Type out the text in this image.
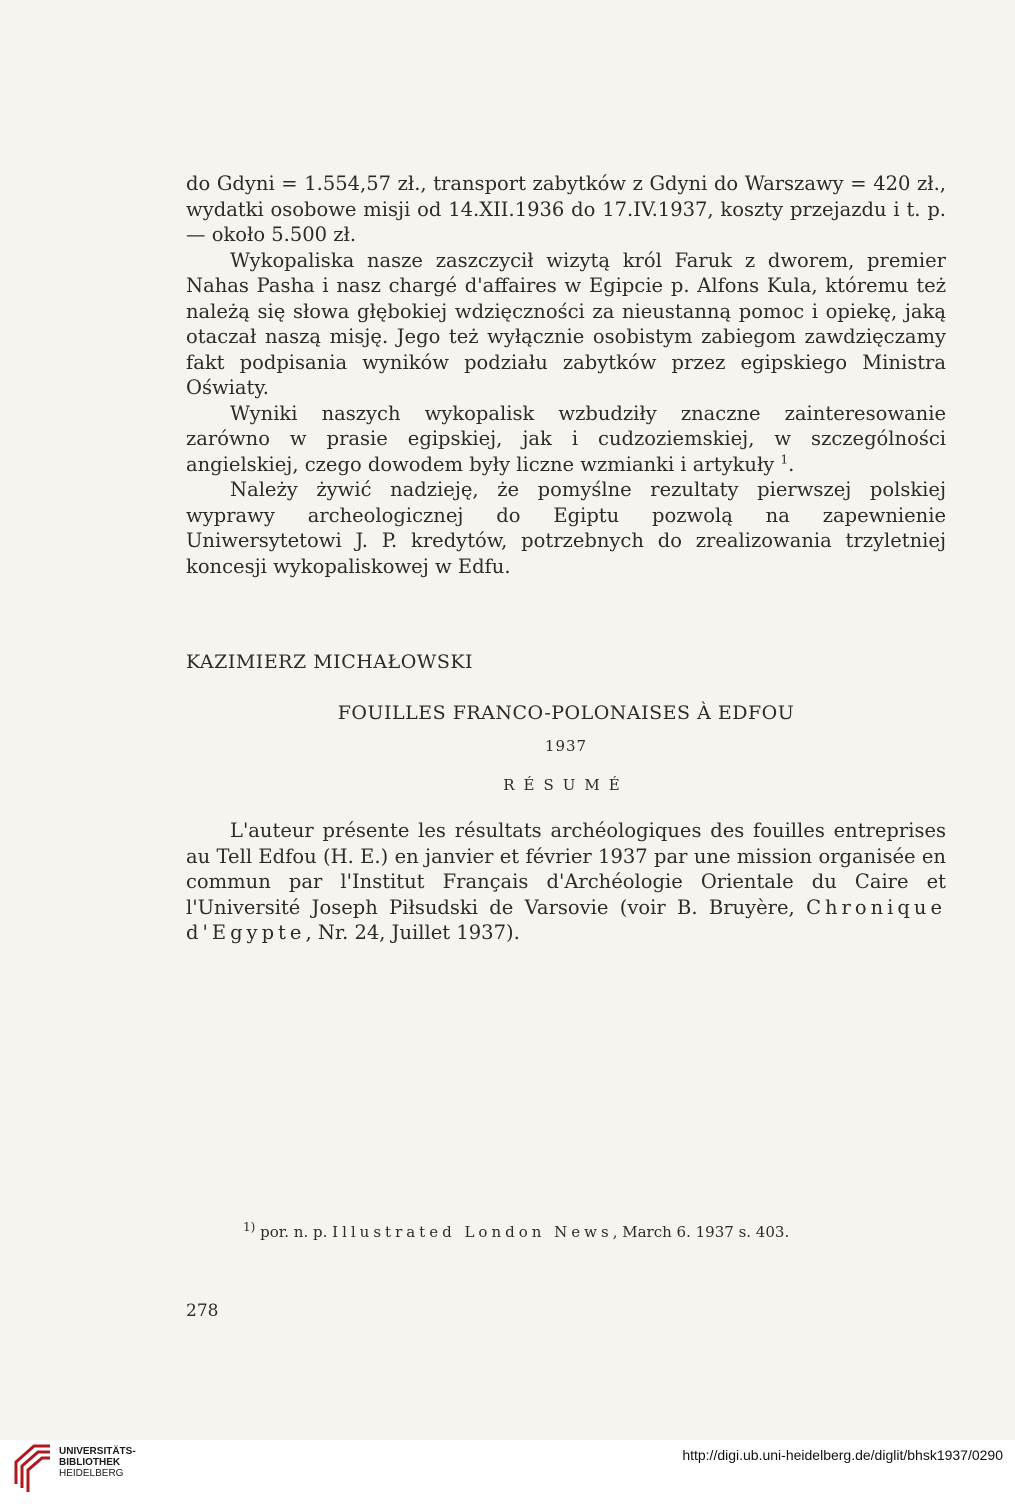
do Gdyni = 1.554,57 zł., transport zabytków z Gdyni do Warszawy = 420 zł., wydatki osobowe misji od 14.XII.1936 do 17.IV.1937, koszty przejazdu i t. p. — około 5.500 zł.

Wykopaliska nasze zaszczycił wizytą król Faruk z dworem, premier Nahas Pasha i nasz chargé d'affaires w Egipcie p. Alfons Kula, któremu też należą się słowa głębokiej wdzięczności za nieustanną pomoc i opiekę, jaką otaczał naszą misję. Jego też wyłącznie osobistym zabiegom zawdzięczamy fakt podpisania wyników podziału zabytków przez egipskiego Ministra Oświaty.

Wyniki naszych wykopalisk wzbudziły znaczne zainteresowanie zarówno w prasie egipskiej, jak i cudzoziemskiej, w szczególności angielskiej, czego dowodem były liczne wzmianki i artykuły $^1$.

Należy żywić nadzieję, że pomyślne rezultaty pierwszej polskiej wyprawy archeologicznej do Egiptu pozwolą na zapewnienie Uniwersytetowi J. P. kredytów, potrzebnych do zrealizowania trzyletniej koncesji wykopaliskowej w Edfu.

KAZIMIERZ MICHAŁOWSKI
FOUILLES FRANCO-POLONAISES À EDFOU
1937
RÉSUMÉ

L'auteur présente les résultats archéologiques des fouilles entreprises au Tell Edfou (H. E.) en janvier et février 1937 par une mission organisée en commun par l'Institut Français d'Archéologie Orientale du Caire et l'Université Joseph Piłsudski de Varsovie (voir B. Bruyère, Chronique d'Egypte, Nr. 24, Juillet 1937).

$^{1)}$ por. n. p. Illustrated London News, March 6. 1937 s. 403.
278
UNIVERSITÄTS-
BIBLIOTHEK
HEIDELBERG
http://digi.ub.uni-heidelberg.de/diglit/bhsk1937/0290
